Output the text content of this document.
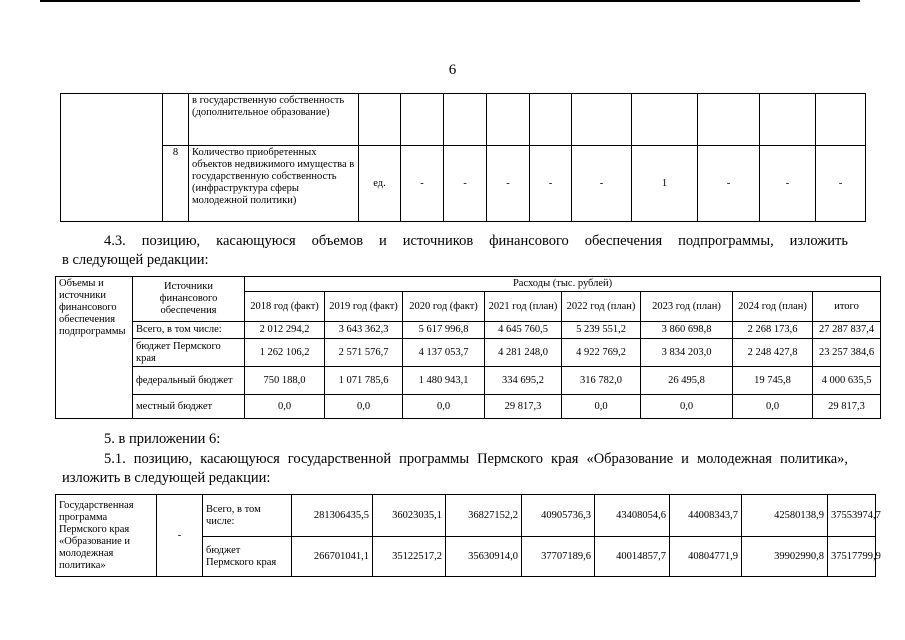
6
		в государственную собственность (дополнительное образование)										
	8	Количество приобретенных объектов недвижимого имущества в государственную собственность (инфраструктура сферы молодежной политики)	ед.	-	-	-	-	-	1	-	-	-
4.3. позицию, касающуюся объемов и источников финансового обеспечения подпрограммы, изложить
в следующей редакции:
Объемы и источники финансового обеспечения подпрограммы	Источники финансового обеспечения	Расходы (тыс. рублей)							
		2018 год (факт)	2019 год (факт)	2020 год (факт)	2021 год (план)	2022 год (план)	2023 год (план)	2024 год (план)	итого
	Всего, в том числе:	2 012 294,2	3 643 362,3	5 617 996,8	4 645 760,5	5 239 551,2	3 860 698,8	2 268 173,6	27 287 837,4
	бюджет Пермского края	1 262 106,2	2 571 576,7	4 137 053,7	4 281 248,0	4 922 769,2	3 834 203,0	2 248 427,8	23 257 384,6
	федеральный бюджет	750 188,0	1 071 785,6	1 480 943,1	334 695,2	316 782,0	26 495,8	19 745,8	4 000 635,5
	местный бюджет	0,0	0,0	0,0	29 817,3	0,0	0,0	0,0	29 817,3
5. в приложении 6:
5.1. позицию, касающуюся государственной программы Пермского края «Образование и молодежная политика»,
изложить в следующей редакции:
Государственная программа Пермского края «Образование и молодежная политика»	-	Всего, в том числе:	281306435,5	36023035,1	36827152,2	40905736,3	43408054,6	44008343,7	42580138,9	37553974,7
		бюджет Пермского края	266701041,1	35122517,2	35630914,0	37707189,6	40014857,7	40804771,9	39902990,8	37517799,9
